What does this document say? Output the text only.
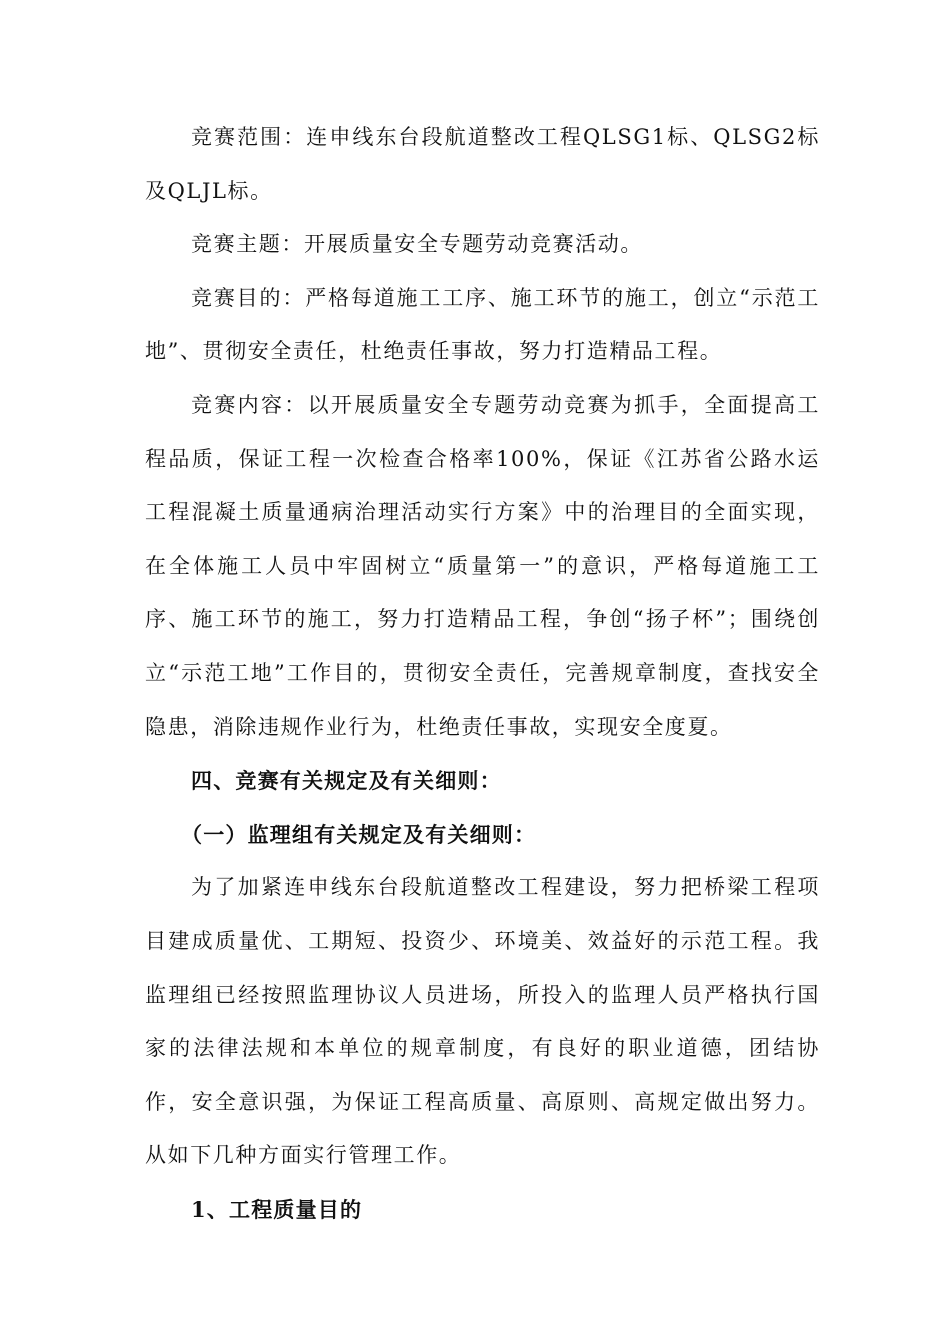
竞赛范围：连申线东台段航道整改工程QLSG1标、QLSG2标及QLJL标。

竞赛主题：开展质量安全专题劳动竞赛活动。

竞赛目的：严格每道施工工序、施工环节的施工，创立“示范工地”、贯彻安全责任，杜绝责任事故，努力打造精品工程。

竞赛内容：以开展质量安全专题劳动竞赛为抓手，全面提高工程品质，保证工程一次检查合格率100%，保证《江苏省公路水运工程混凝土质量通病治理活动实行方案》中的治理目的全面实现，在全体施工人员中牢固树立“质量第一”的意识，严格每道施工工序、施工环节的施工，努力打造精品工程，争创“扬子杯”；围绕创立“示范工地”工作目的，贯彻安全责任，完善规章制度，查找安全隐患，消除违规作业行为，杜绝责任事故，实现安全度夏。

四、竞赛有关规定及有关细则：

（一）监理组有关规定及有关细则：

为了加紧连申线东台段航道整改工程建设，努力把桥梁工程项目建成质量优、工期短、投资少、环境美、效益好的示范工程。我监理组已经按照监理协议人员进场，所投入的监理人员严格执行国家的法律法规和本单位的规章制度，有良好的职业道德，团结协作，安全意识强，为保证工程高质量、高原则、高规定做出努力。从如下几种方面实行管理工作。

1、工程质量目的
